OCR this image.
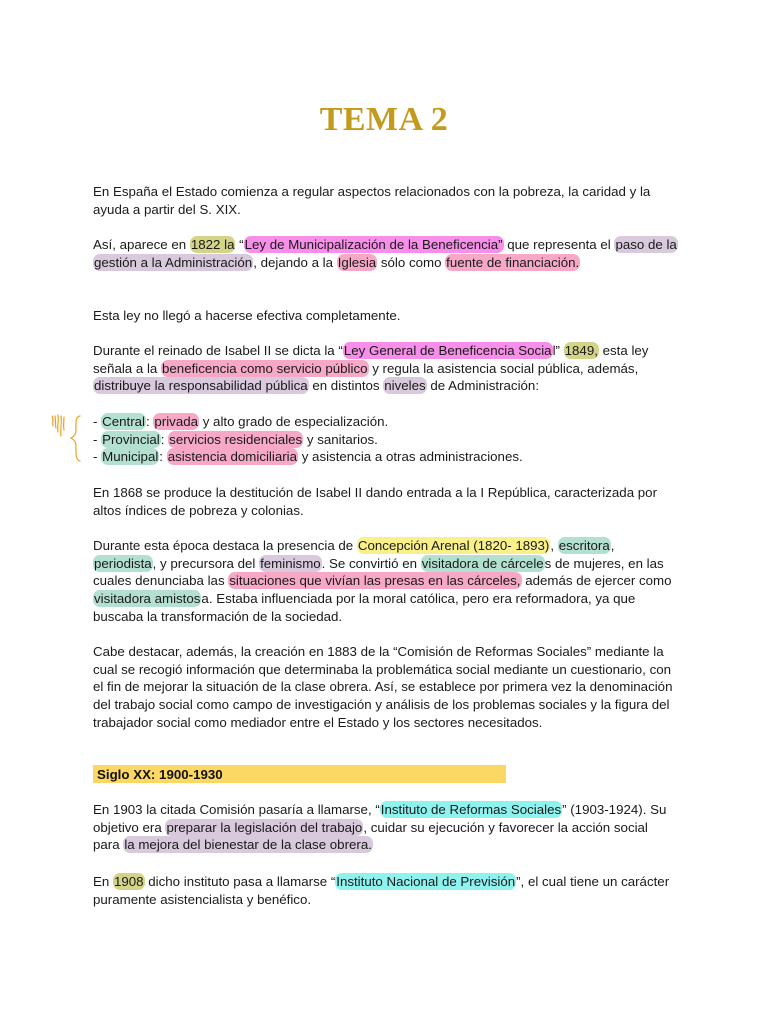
TEMA 2

En España el Estado comienza a regular aspectos relacionados con la pobreza, la caridad y la ayuda a partir del S. XIX.

Así, aparece en 1822 la “Ley de Municipalización de la Beneficencia” que representa el paso de la gestión a la Administración, dejando a la Iglesia sólo como fuente de financiación.

Esta ley no llegó a hacerse efectiva completamente.

Durante el reinado de Isabel II se dicta la “Ley General de Beneficencia Social” 1849, esta ley señala a la beneficencia como servicio público y regula la asistencia social pública, además, distribuye la responsabilidad pública en distintos niveles de Administración:

- Central: privada y alto grado de especialización.
- Provincial: servicios residenciales y sanitarios.
- Municipal: asistencia domiciliaria y asistencia a otras administraciones.

En 1868 se produce la destitución de Isabel II dando entrada a la I República, caracterizada por altos índices de pobreza y colonias.

Durante esta época destaca la presencia de Concepción Arenal (1820- 1893), escritora, periodista, y precursora del feminismo. Se convirtió en visitadora de cárceles de mujeres, en las cuales denunciaba las situaciones que vivían las presas en las cárceles, además de ejercer como visitadora amistosa. Estaba influenciada por la moral católica, pero era reformadora, ya que buscaba la transformación de la sociedad.

Cabe destacar, además, la creación en 1883 de la “Comisión de Reformas Sociales” mediante la cual se recogió información que determinaba la problemática social mediante un cuestionario, con el fin de mejorar la situación de la clase obrera. Así, se establece por primera vez la denominación del trabajo social como campo de investigación y análisis de los problemas sociales y la figura del trabajador social como mediador entre el Estado y los sectores necesitados.

Siglo XX: 1900-1930

En 1903 la citada Comisión pasaría a llamarse, “Instituto de Reformas Sociales” (1903-1924). Su objetivo era preparar la legislación del trabajo, cuidar su ejecución y favorecer la acción social para la mejora del bienestar de la clase obrera.

En 1908 dicho instituto pasa a llamarse “Instituto Nacional de Previsión”, el cual tiene un carácter puramente asistencialista y benéfico.
